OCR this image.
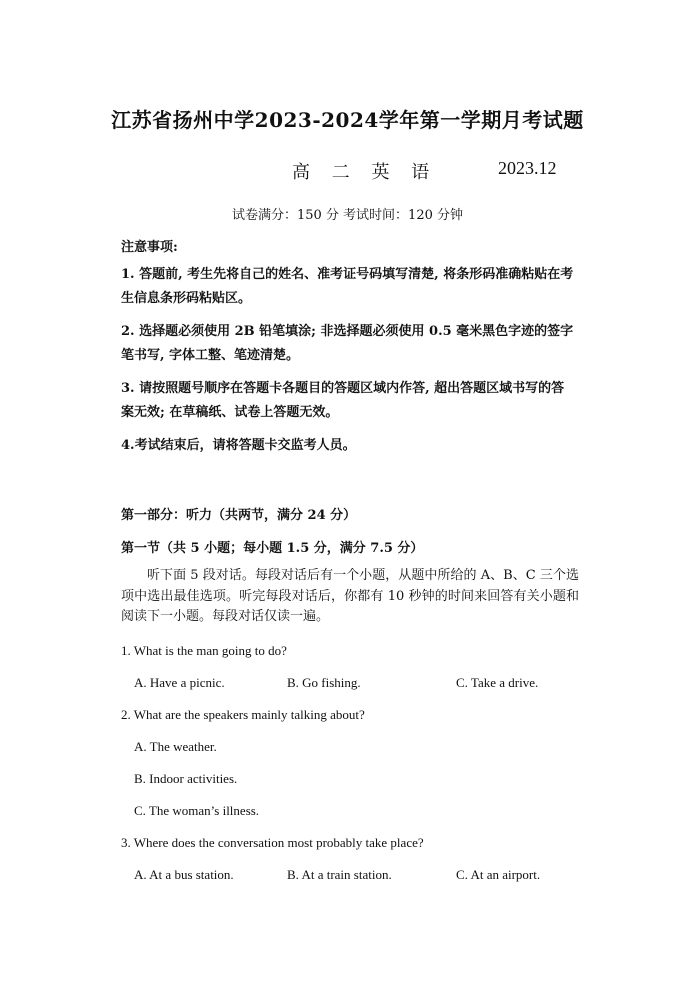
江苏省扬州中学2023-2024学年第一学期月考试题
高 二 英 语	2023.12
试卷满分：150 分 考试时间：120 分钟
注意事项:
1. 答题前, 考生先将自己的姓名、准考证号码填写清楚, 将条形码准确粘贴在考生信息条形码粘贴区。
2. 选择题必须使用 2B 铅笔填涂; 非选择题必须使用 0.5 毫米黑色字迹的签字笔书写, 字体工整、笔迹清楚。
3. 请按照题号顺序在答题卡各题目的答题区域内作答, 超出答题区域书写的答案无效; 在草稿纸、试卷上答题无效。
4.考试结束后，请将答题卡交监考人员。
第一部分：听力（共两节，满分 24 分）
第一节（共 5 小题；每小题 1.5 分，满分 7.5 分）
听下面 5 段对话。每段对话后有一个小题，从题中所给的 A、B、C 三个选项中选出最佳选项。听完每段对话后，你都有 10 秒钟的时间来回答有关小题和阅读下一小题。每段对话仅读一遍。
1. What is the man going to do?
A. Have a picnic.	B. Go fishing.	C. Take a drive.
2. What are the speakers mainly talking about?
A. The weather.
B. Indoor activities.
C. The woman’s illness.
3. Where does the conversation most probably take place?
A. At a bus station.	B. At a train station.	C. At an airport.
